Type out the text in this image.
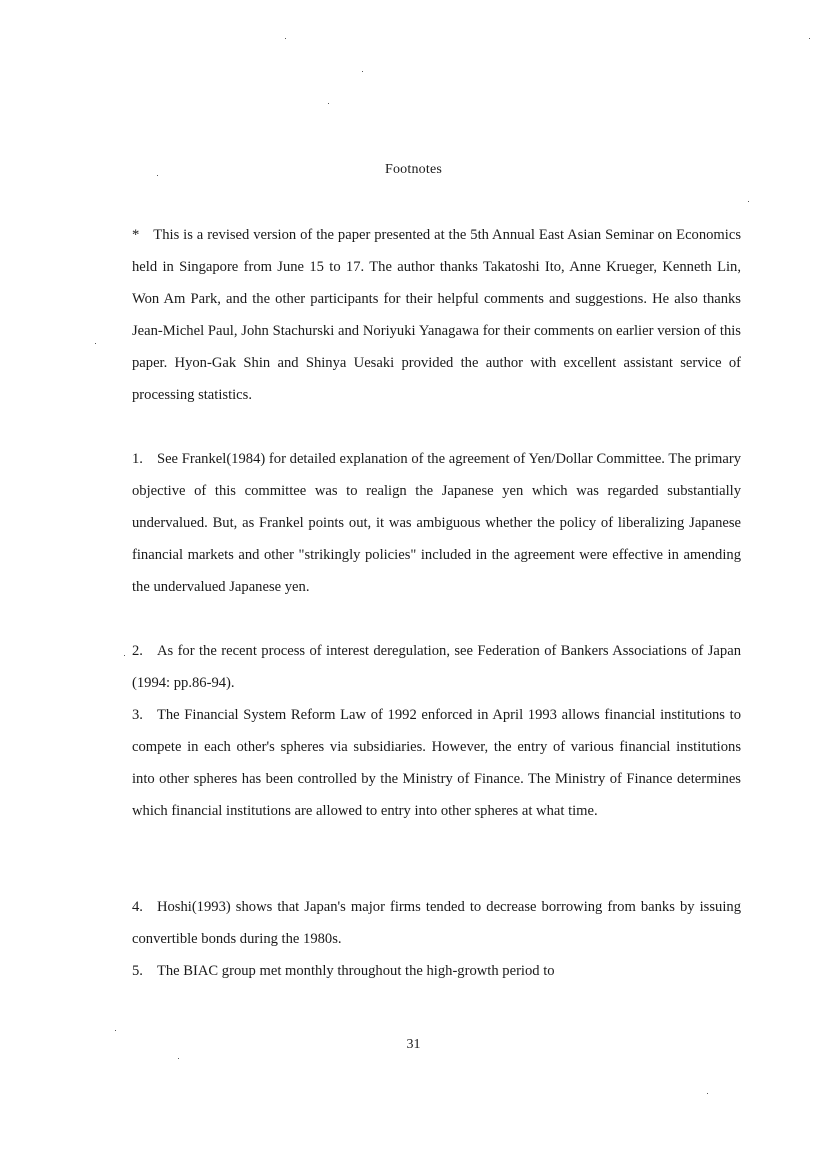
Footnotes

* This is a revised version of the paper presented at the 5th Annual East Asian Seminar on Economics held in Singapore from June 15 to 17. The author thanks Takatoshi Ito, Anne Krueger, Kenneth Lin, Won Am Park, and the other participants for their helpful comments and suggestions. He also thanks Jean-Michel Paul, John Stachurski and Noriyuki Yanagawa for their comments on earlier version of this paper. Hyon-Gak Shin and Shinya Uesaki provided the author with excellent assistant service of processing statistics.

1. See Frankel(1984) for detailed explanation of the agreement of Yen/Dollar Committee. The primary objective of this committee was to realign the Japanese yen which was regarded substantially undervalued. But, as Frankel points out, it was ambiguous whether the policy of liberalizing Japanese financial markets and other "strikingly policies" included in the agreement were effective in amending the undervalued Japanese yen.

2. As for the recent process of interest deregulation, see Federation of Bankers Associations of Japan (1994: pp.86-94).

3. The Financial System Reform Law of 1992 enforced in April 1993 allows financial institutions to compete in each other's spheres via subsidiaries. However, the entry of various financial institutions into other spheres has been controlled by the Ministry of Finance. The Ministry of Finance determines which financial institutions are allowed to entry into other spheres at what time.

4. Hoshi(1993) shows that Japan's major firms tended to decrease borrowing from banks by issuing convertible bonds during the 1980s.

5. The BIAC group met monthly throughout the high-growth period to

31
